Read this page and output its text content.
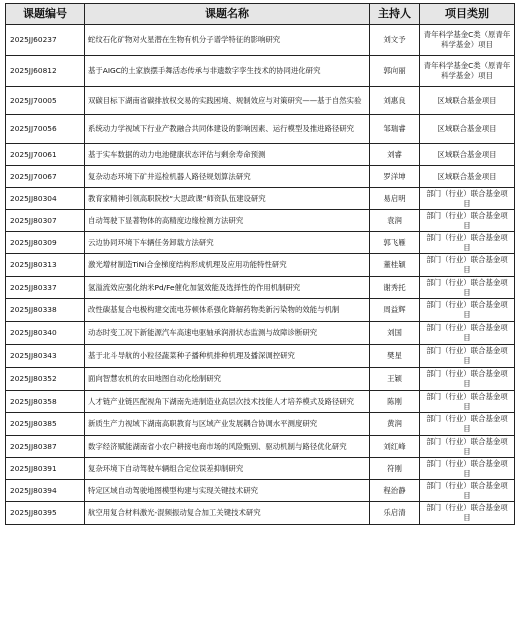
课题编号	课题名称	主持人	项目类别
2025JJ60237	蛇纹石化矿物对火星潜在生物有机分子谱学特征的影响研究	刘文予	青年科学基金C类（原青年科学基金）项目
2025JJ60812	基于AIGC的土家族摆手舞活态传承与非遗数字孪生技术的协同进化研究	郭向丽	青年科学基金C类（原青年科学基金）项目
2025JJ70005	双碳目标下湖南省碳排放权交易的实践困境、规制效应与对策研究——基于自然实验	刘惠良	区域联合基金项目
2025JJ70056	系统动力学视域下行业产教融合共同体建设的影响因素、运行模型及推进路径研究	邹瑞睿	区域联合基金项目
2025JJ70061	基于实车数据的动力电池健康状态评估与剩余寿命预测	刘睿	区域联合基金项目
2025JJ70067	复杂动态环境下矿井巡检机器人路径规划算法研究	罗洋坤	区域联合基金项目
2025JJ80304	教育家精神引领高职院校“大思政课”师资队伍建设研究	易启明	部门（行业）联合基金项目
2025JJ80307	自动驾驶下显著物体的高精度边缘检测方法研究	袁润	部门（行业）联合基金项目
2025JJ80309	云边协同环境下车辆任务卸载方法研究	郭飞雁	部门（行业）联合基金项目
2025JJ80313	激光增材制造TiNi合金梯度结构形成机理及应用功能特性研究	董桂颖	部门（行业）联合基金项目
2025JJ80337	氢溢流效应强化纳米Pd/Fe催化加氢效能及选择性的作用机制研究	谢秀托	部门（行业）联合基金项目
2025JJ80338	改性碳基复合电极构建交流电芬顿体系强化降解药物类新污染物的效能与机制	周益辉	部门（行业）联合基金项目
2025JJ80340	动态时变工况下新能源汽车高速电驱轴承润滑状态监测与故障诊断研究	刘国	部门（行业）联合基金项目
2025JJ80343	基于北斗导航的小粒径蔬菜种子播种机排种机理及播深调控研究	樊星	部门（行业）联合基金项目
2025JJ80352	面向智慧农机的农田地图自动化绘制研究	王颖	部门（行业）联合基金项目
2025JJ80358	人才链产业链匹配视角下湖南先进制造业高层次技术技能人才培养模式及路径研究	陈刚	部门（行业）联合基金项目
2025JJ80385	新质生产力视域下湖南高职教育与区域产业发展耦合协调水平测度研究	黄润	部门（行业）联合基金项目
2025JJ80387	数字经济赋能湖南省小农户耕接电商市场的风险甄别、驱动机制与路径优化研究	刘红峰	部门（行业）联合基金项目
2025JJ80391	复杂环境下自动驾驶车辆组合定位误差抑制研究	符刚	部门（行业）联合基金项目
2025JJ80394	特定区域自动驾驶地图模型构建与实现关键技术研究	程治静	部门（行业）联合基金项目
2025JJ80395	航空用复合材料激光-混频振动复合加工关键技术研究	乐启清	部门（行业）联合基金项目
